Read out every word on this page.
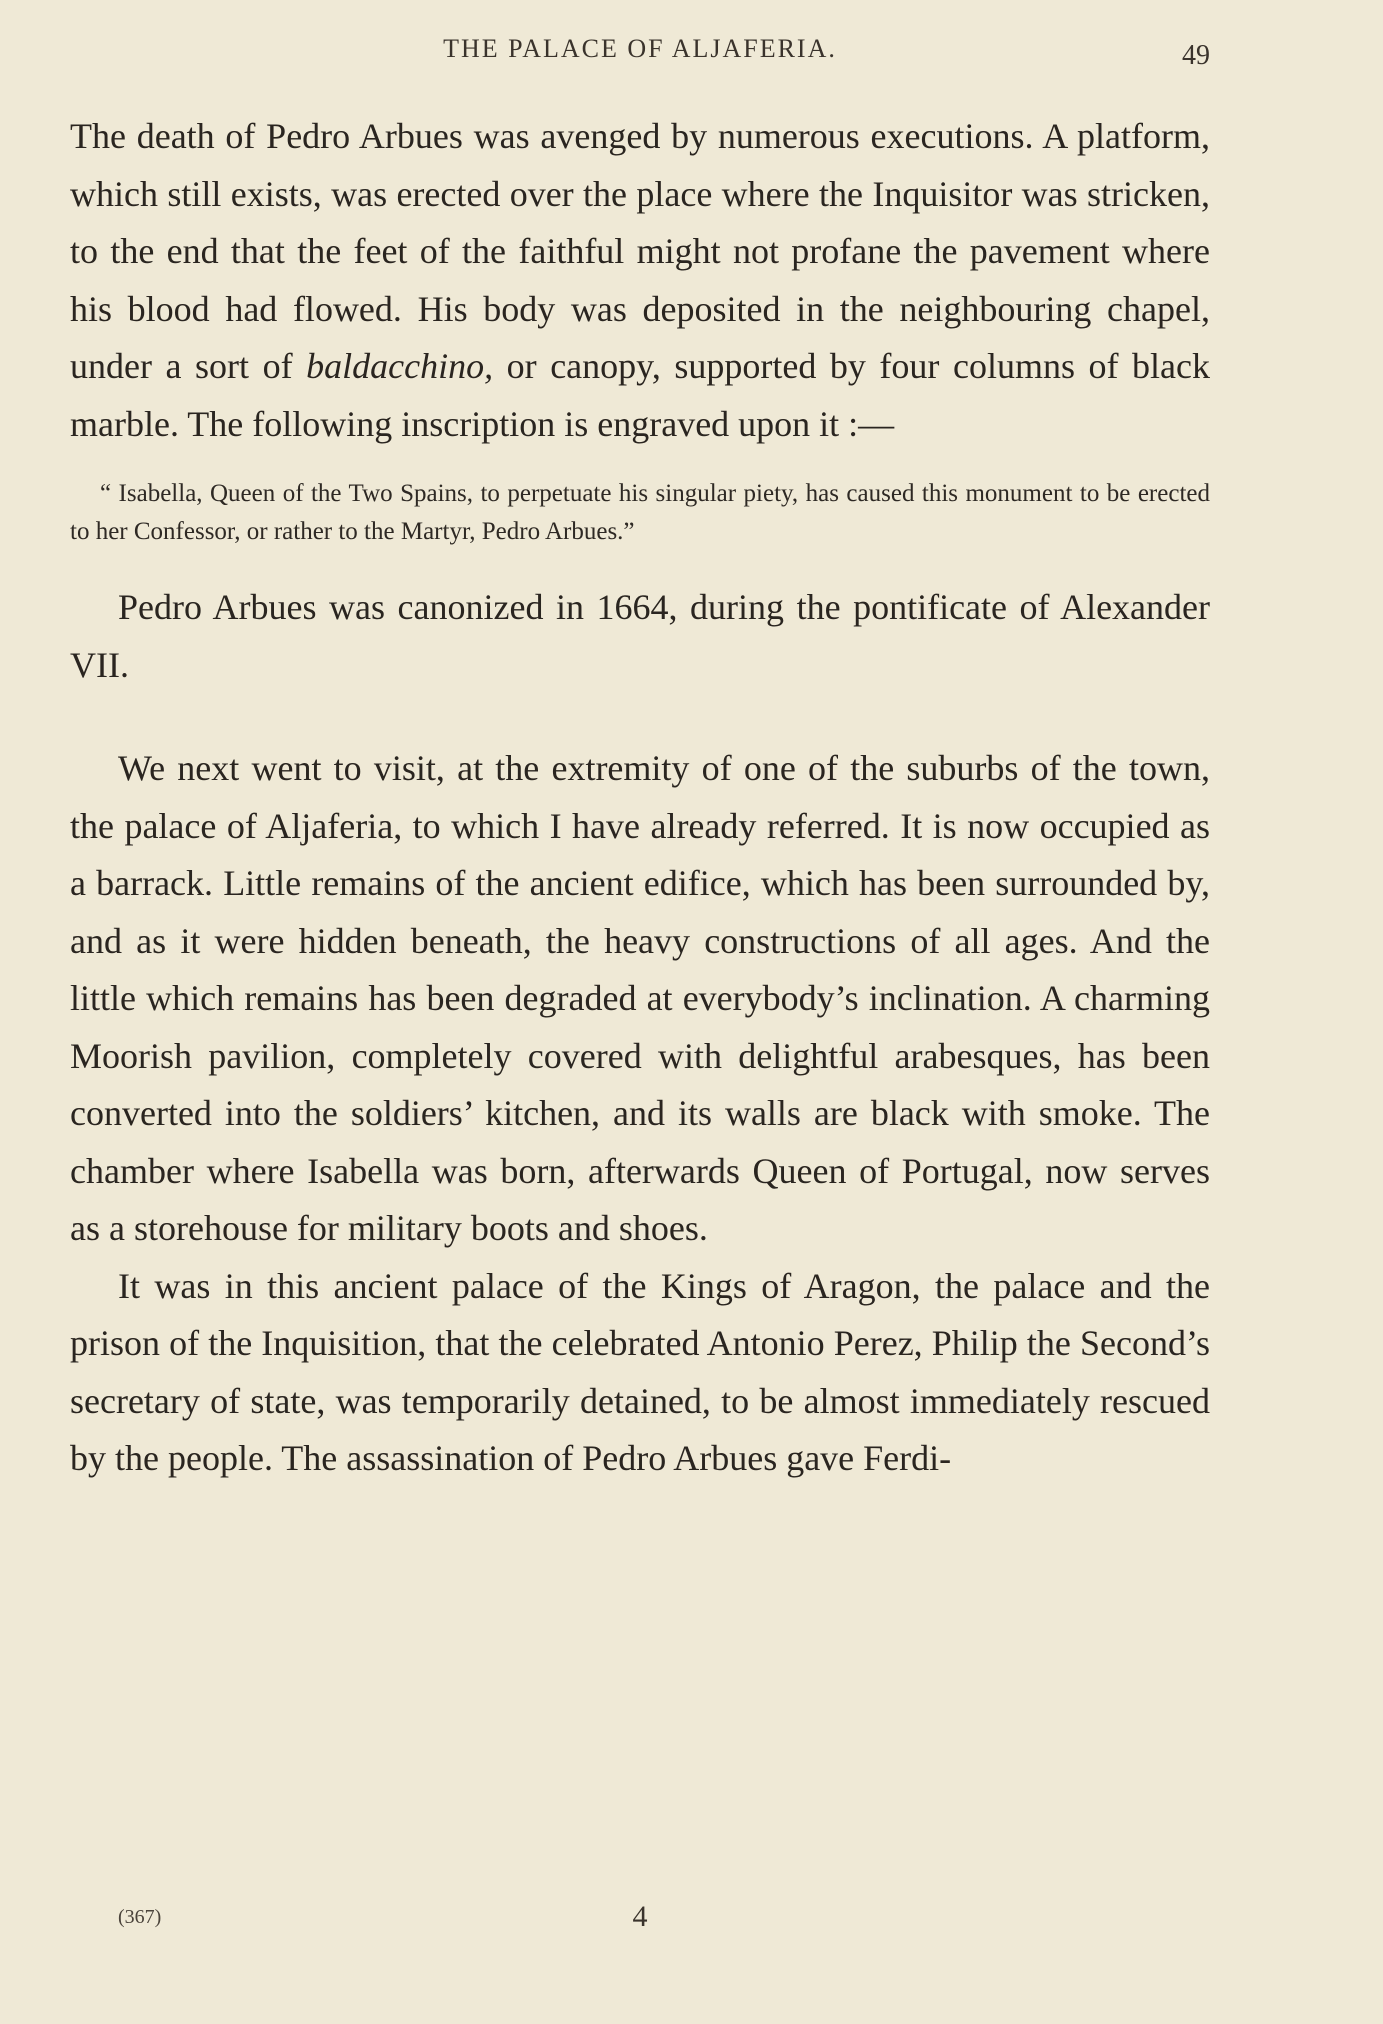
THE PALACE OF ALJAFERIA.	49

The death of Pedro Arbues was avenged by numerous executions. A platform, which still exists, was erected over the place where the Inquisitor was stricken, to the end that the feet of the faithful might not profane the pavement where his blood had flowed. His body was deposited in the neighbouring chapel, under a sort of baldacchino, or canopy, supported by four columns of black marble. The following inscription is engraved upon it :—

“ Isabella, Queen of the Two Spains, to perpetuate his singular piety, has caused this monument to be erected to her Confessor, or rather to the Martyr, Pedro Arbues.”

Pedro Arbues was canonized in 1664, during the pontificate of Alexander VII.

We next went to visit, at the extremity of one of the suburbs of the town, the palace of Aljaferia, to which I have already referred. It is now occupied as a barrack. Little remains of the ancient edifice, which has been surrounded by, and as it were hidden beneath, the heavy constructions of all ages. And the little which remains has been degraded at everybody’s inclination. A charming Moorish pavilion, completely covered with delightful arabesques, has been converted into the soldiers’ kitchen, and its walls are black with smoke. The chamber where Isabella was born, afterwards Queen of Portugal, now serves as a storehouse for military boots and shoes.

It was in this ancient palace of the Kings of Aragon, the palace and the prison of the Inquisition, that the celebrated Antonio Perez, Philip the Second’s secretary of state, was temporarily detained, to be almost immediately rescued by the people. The assassination of Pedro Arbues gave Ferdi-

(367)	4
